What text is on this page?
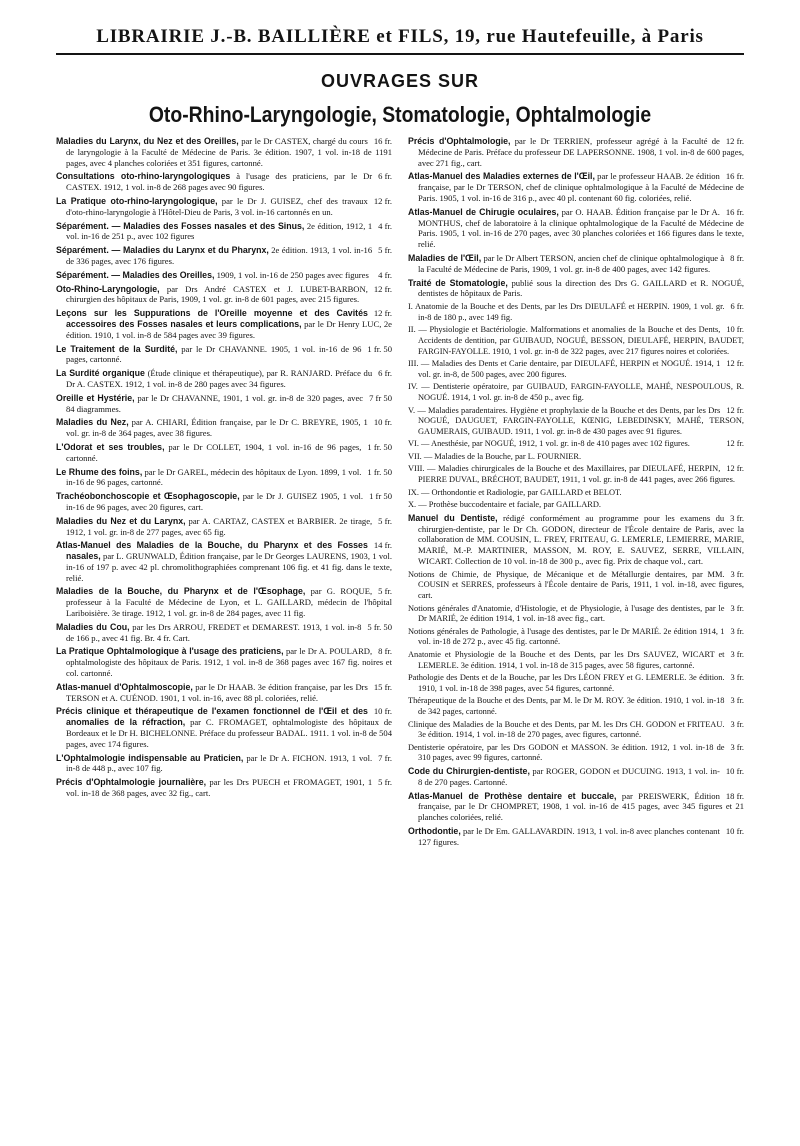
LIBRAIRIE J.-B. BAILLIÈRE et FILS, 19, rue Hautefeuille, à Paris
OUVRAGES SUR
Oto-Rhino-Laryngologie, Stomatologie, Ophtalmologie
16 fr.
Maladies du Larynx, du Nez et des Oreilles, par le Dr CASTEX, chargé du cours de laryngologie à la Faculté de Médecine de Paris. 3e édition. 1907, 1 vol. in-18 de 1191 pages, avec 4 planches coloriées et 351 figures, cartonné.
6 fr.
Consultations oto-rhino-laryngologiques à l'usage des praticiens, par le Dr CASTEX. 1912, 1 vol. in-8 de 268 pages avec 90 figures.
12 fr.
La Pratique oto-rhino-laryngologique, par le Dr J. GUISEZ, chef des travaux d'oto-rhino-laryngologie à l'Hôtel-Dieu de Paris, 3 vol. in-16 cartonnés en un.
4 fr.
Séparément. — Maladies des Fosses nasales et des Sinus, 2e édition, 1912, 1 vol. in-16 de 251 p., avec 102 figures
5 fr.
Séparément. — Maladies du Larynx et du Pharynx, 2e édition. 1913, 1 vol. in-16 de 336 pages, avec 176 figures.
4 fr.
Séparément. — Maladies des Oreilles, 1909, 1 vol. in-16 de 250 pages avec figures
12 fr.
Oto-Rhino-Laryngologie, par Drs André CASTEX et J. LUBET-BARBON, chirurgien des hôpitaux de Paris, 1909, 1 vol. gr. in-8 de 601 pages, avec 215 figures.
12 fr.
Leçons sur les Suppurations de l'Oreille moyenne et des Cavités accessoires des Fosses nasales et leurs complications, par le Dr Henry LUC, 2e édition. 1910, 1 vol. in-8 de 584 pages avec 39 figures.
1 fr. 50
Le Traitement de la Surdité, par le Dr CHAVANNE. 1905, 1 vol. in-16 de 96 pages, cartonné.
6 fr.
La Surdité organique (Étude clinique et thérapeutique), par R. RANJARD. Préface du Dr A. CASTEX. 1912, 1 vol. in-8 de 280 pages avec 34 figures.
7 fr 50
Oreille et Hystérie, par le Dr CHAVANNE, 1901, 1 vol. gr. in-8 de 320 pages, avec 84 diagrammes.
10 fr.
Maladies du Nez, par A. CHIARI, Édition française, par le Dr C. BREYRE, 1905, 1 vol. gr. in-8 de 364 pages, avec 38 figures.
1 fr. 50
L'Odorat et ses troubles, par le Dr COLLET, 1904, 1 vol. in-16 de 96 pages, cartonné.
1 fr. 50
Le Rhume des foins, par le Dr GAREL, médecin des hôpitaux de Lyon. 1899, 1 vol. in-16 de 96 pages, cartonné.
1 fr 50
Trachéobonchoscopie et Œsophagoscopie, par le Dr J. GUISEZ 1905, 1 vol. in-16 de 96 pages, avec 20 figures, cart.
5 fr.
Maladies du Nez et du Larynx, par A. CARTAZ, CASTEX et BARBIER. 2e tirage, 1912, 1 vol. gr. in-8 de 277 pages, avec 65 fig.
14 fr.
Atlas-Manuel des Maladies de la Bouche, du Pharynx et des Fosses nasales, par L. GRUNWALD, Édition française, par le Dr Georges LAURENS, 1903, 1 vol. in-16 of 197 p. avec 42 pl. chromolithographiées comprenant 106 fig. et 41 fig. dans le texte, relié.
5 fr.
Maladies de la Bouche, du Pharynx et de l'Œsophage, par G. ROQUE, professeur à la Faculté de Médecine de Lyon, et L. GAILLARD, médecin de l'hôpital Lariboisière. 3e tirage. 1912, 1 vol. gr. in-8 de 284 pages, avec 11 fig.
5 fr. 50
Maladies du Cou, par les Drs ARROU, FREDET et DEMAREST. 1913, 1 vol. in-8 de 166 p., avec 41 fig. Br. 4 fr. Cart.
8 fr.
La Pratique Ophtalmologique à l'usage des praticiens, par le Dr A. POULARD, ophtalmologiste des hôpitaux de Paris. 1912, 1 vol. in-8 de 368 pages avec 167 fig. noires et col. cartonné.
15 fr.
Atlas-manuel d'Ophtalmoscopie, par le Dr HAAB. 3e édition française, par les Drs TERSON et A. CUÉNOD. 1901, 1 vol. in-16, avec 88 pl. coloriées, relié.
10 fr.
Précis clinique et thérapeutique de l'examen fonctionnel de l'Œil et des anomalies de la réfraction, par C. FROMAGET, ophtalmologiste des hôpitaux de Bordeaux et le Dr H. BICHELONNE. Préface du professeur BADAL. 1911. 1 vol. in-8 de 504 pages, avec 174 figures.
7 fr.
L'Ophtalmologie indispensable au Praticien, par le Dr A. FICHON. 1913, 1 vol. in-8 de 448 p., avec 107 fig.
5 fr.
Précis d'Ophtalmologie journalière, par les Drs PUECH et FROMAGET, 1901, 1 vol. in-18 de 368 pages, avec 32 fig., cart.
12 fr.
Précis d'Ophtalmologie, par le Dr TERRIEN, professeur agrégé à la Faculté de Médecine de Paris. Préface du professeur DE LAPERSONNE. 1908, 1 vol. in-8 de 600 pages, avec 271 fig., cart.
16 fr.
Atlas-Manuel des Maladies externes de l'Œil, par le professeur HAAB. 2e édition française, par le Dr TERSON, chef de clinique ophtalmologique à la Faculté de Médecine de Paris. 1905, 1 vol. in-16 de 316 p., avec 40 pl. contenant 60 fig. coloriées, relié.
16 fr.
Atlas-Manuel de Chirugie oculaires, par O. HAAB. Édition française par le Dr A. MONTHUS, chef de laboratoire à la clinique ophtalmologique de la Faculté de Médecine de Paris. 1905, 1 vol. in-16 de 270 pages, avec 30 planches coloriées et 166 figures dans le texte, relié.
8 fr.
Maladies de l'Œil, par le Dr Albert TERSON, ancien chef de clinique ophtalmologique à la Faculté de Médecine de Paris, 1909, 1 vol. gr. in-8 de 400 pages, avec 142 figures.
Traité de Stomatologie, publié sous la direction des Drs G. GAILLARD et R. NOGUÉ, dentistes de hôpitaux de Paris.
6 fr.
I. Anatomie de la Bouche et des Dents, par les Drs DIEULAFÉ et HERPIN. 1909, 1 vol. gr. in-8 de 180 p., avec 149 fig.
10 fr.
II. — Physiologie et Bactériologie. Malformations et anomalies de la Bouche et des Dents, Accidents de dentition, par GUIBAUD, NOGUÉ, BESSON, DIEULAFÉ, HERPIN, BAUDET, FARGIN-FAYOLLE. 1910, 1 vol. gr. in-8 de 322 pages, avec 217 figures noires et coloriées.
12 fr.
III. — Maladies des Dents et Carie dentaire, par DIEULAFÉ, HERPIN et NOGUÉ. 1914, 1 vol. gr. in-8, de 500 pages, avec 200 figures.
IV. — Dentisterie opératoire, par GUIBAUD, FARGIN-FAYOLLE, MAHÉ, NESPOULOUS, R. NOGUÉ. 1914, 1 vol. gr. in-8 de 450 p., avec fig.
12 fr.
V. — Maladies paradentaires. Hygiène et prophylaxie de la Bouche et des Dents, par les Drs NOGUÉ, DAUGUET, FARGIN-FAYOLLE, KŒNIG, LEBEDINSKY, MAHÉ, TERSON, GAUMERAIS, GUIBAUD. 1911, 1 vol. gr. in-8 de 430 pages avec 91 figures.
12 fr.
VI. — Anesthésie, par NOGUÉ, 1912, 1 vol. gr. in-8 de 410 pages avec 102 figures.
VII. — Maladies de la Bouche, par L. FOURNIER.
12 fr.
VIII. — Maladies chirurgicales de la Bouche et des Maxillaires, par DIEULAFÉ, HERPIN, PIERRE DUVAL, BRÉCHOT, BAUDET, 1911, 1 vol. gr. in-8 de 441 pages, avec 266 figures.
IX. — Orthondontie et Radiologie, par GAILLARD et BELOT.
X. — Prothèse buccodentaire et faciale, par GAILLARD.
3 fr.
Manuel du Dentiste, rédigé conformément au programme pour les examens du chirurgien-dentiste, par le Dr Ch. GODON, directeur de l'École dentaire de Paris, avec la collaboration de MM. COUSIN, L. FREY, FRITEAU, G. LEMERLE, LEMIERRE, MARIE, MARIÉ, M.-P. MARTINIER, MASSON, M. ROY, E. SAUVEZ, SERRE, VILLAIN, WICART. Collection de 10 vol. in-18 de 300 p., avec fig. Prix de chaque vol., cart.
3 fr.
Notions de Chimie, de Physique, de Mécanique et de Métallurgie dentaires, par MM. COUSIN et SERRES, professeurs à l'École dentaire de Paris, 1911, 1 vol. in-18, avec figures, cart.
3 fr.
Notions générales d'Anatomie, d'Histologie, et de Physiologie, à l'usage des dentistes, par le Dr MARIÉ, 2e édition 1914, 1 vol. in-18 avec fig., cart.
3 fr.
Notions générales de Pathologie, à l'usage des dentistes, par le Dr MARIÉ. 2e édition 1914, 1 vol. in-18 de 272 p., avec 45 fig. cartonné.
3 fr.
Anatomie et Physiologie de la Bouche et des Dents, par les Drs SAUVEZ, WICART et LEMERLE. 3e édition. 1914, 1 vol. in-18 de 315 pages, avec 58 figures, cartonné.
3 fr.
Pathologie des Dents et de la Bouche, par les Drs LÉON FREY et G. LEMERLE. 3e édition. 1910, 1 vol. in-18 de 398 pages, avec 54 figures, cartonné.
3 fr.
Thérapeutique de la Bouche et des Dents, par M. le Dr M. ROY. 3e édition. 1910, 1 vol. in-18 de 342 pages, cartonné.
3 fr.
Clinique des Maladies de la Bouche et des Dents, par M. les Drs CH. GODON et FRITEAU. 3e édition. 1914, 1 vol. in-18 de 270 pages, avec figures, cartonné.
3 fr.
Dentisterie opératoire, par les Drs GODON et MASSON. 3e édition. 1912, 1 vol. in-18 de 310 pages, avec 99 figures, cartonné.
10 fr.
Code du Chirurgien-dentiste, par ROGER, GODON et DUCUING. 1913, 1 vol. in-8 de 270 pages. Cartonné.
18 fr.
Atlas-Manuel de Prothèse dentaire et buccale, par PREISWERK, Édition française, par le Dr CHOMPRET, 1908, 1 vol. in-16 de 415 pages, avec 345 figures et 21 planches coloriées, relié.
10 fr.
Orthodontie, par le Dr Em. GALLAVARDIN. 1913, 1 vol. in-8 avec planches contenant 127 figures.
